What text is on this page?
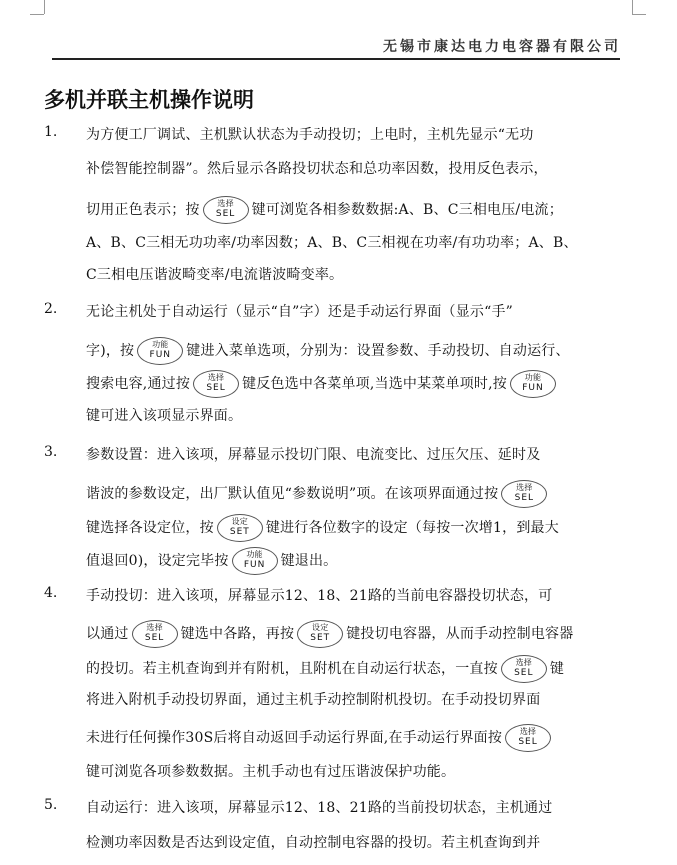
无锡市康达电力电容器有限公司
多机并联主机操作说明
1. 为方便工厂调试、主机默认状态为手动投切；上电时，主机先显示“无功
补偿智能控制器”。然后显示各路投切状态和总功率因数，投用反色表示，
切用正色表示；按	选择
SEL	键可浏览各相参数数据:A、B、C三相电压/电流；
A、B、C三相无功功率/功率因数；A、B、C三相视在功率/有功功率；A、B、
C三相电压谐波畸变率/电流谐波畸变率。
2. 无论主机处于自动运行（显示“自”字）还是手动运行界面（显示“手”
字)，按	功能
FUN	键进入菜单选项，分别为：设置参数、手动投切、自动运行、
搜索电容,通过按	选择
SEL	键反色选中各菜单项,当选中某菜单项时,按	功能
FUN
键可进入该项显示界面。
3. 参数设置：进入该项，屏幕显示投切门限、电流变比、过压欠压、延时及
谐波的参数设定，出厂默认值见“参数说明”项。在该项界面通过按	选择
SEL
键选择各设定位，按	设定
SET	键进行各位数字的设定（每按一次增1，到最大
值退回0)，设定完毕按	功能
FUN	键退出。
4. 手动投切：进入该项，屏幕显示12、18、21路的当前电容器投切状态，可
以通过	选择
SEL	键选中各路，再按	设定
SET	键投切电容器，从而手动控制电容器
的投切。若主机查询到并有附机，且附机在自动运行状态，一直按	选择
SEL	键
将进入附机手动投切界面，通过主机手动控制附机投切。在手动投切界面
未进行任何操作30S后将自动返回手动运行界面,在手动运行界面按	选择
SEL
键可浏览各项参数数据。主机手动也有过压谐波保护功能。
5. 自动运行：进入该项，屏幕显示12、18、21路的当前投切状态，主机通过
检测功率因数是否达到设定值，自动控制电容器的投切。若主机查询到并
